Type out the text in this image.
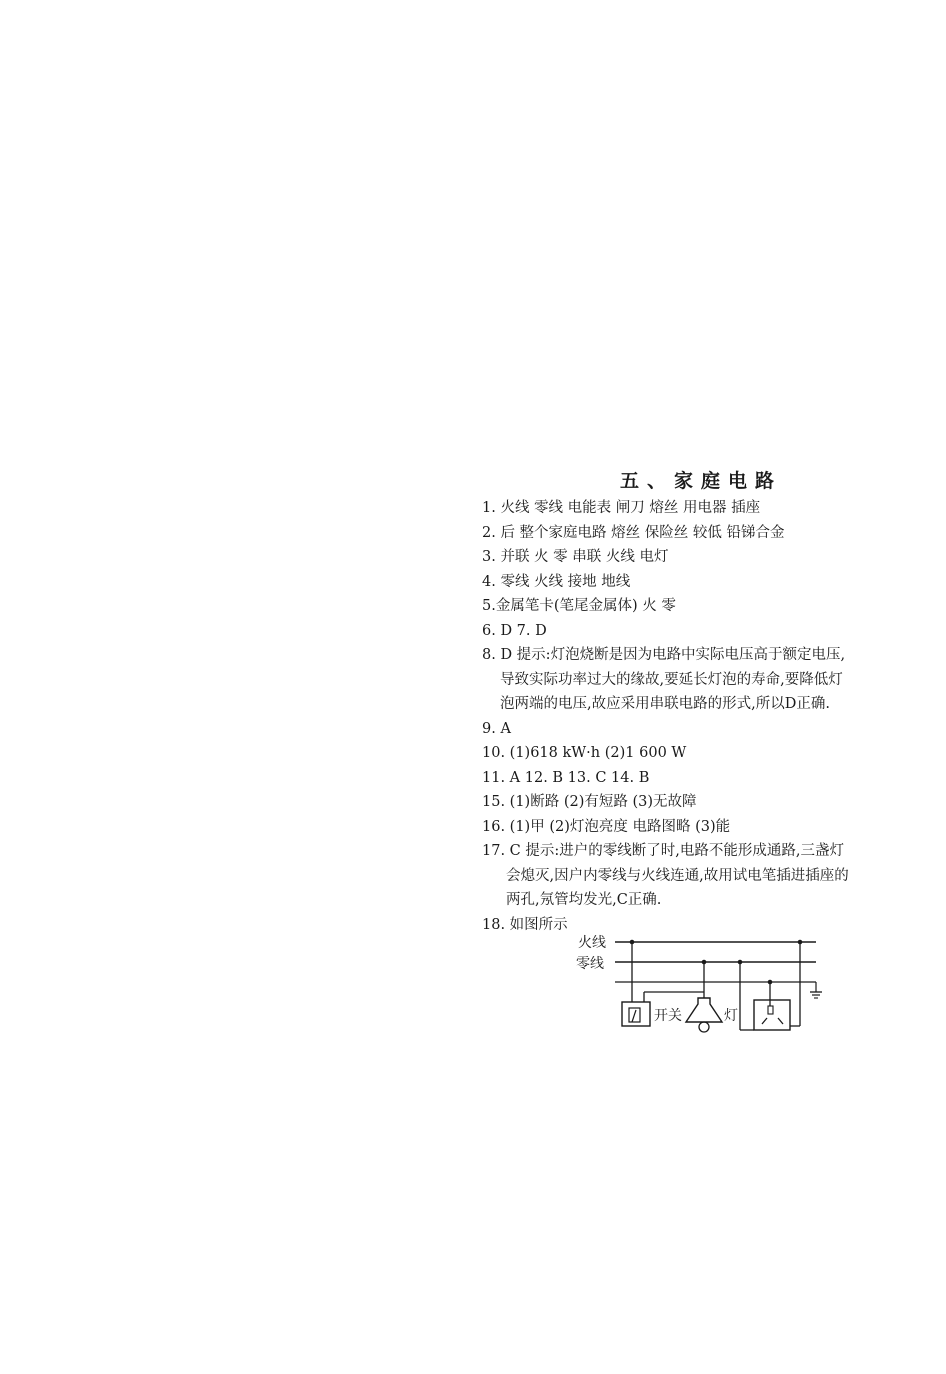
五、家庭电路
1. 火线 零线 电能表 闸刀 熔丝 用电器 插座
2. 后 整个家庭电路 熔丝 保险丝 较低 铅锑合金
3. 并联 火 零 串联 火线 电灯
4. 零线 火线 接地 地线
5.金属笔卡(笔尾金属体) 火 零
6. D 7. D
8. D 提示:灯泡烧断是因为电路中实际电压高于额定电压,
导致实际功率过大的缘故,要延长灯泡的寿命,要降低灯
泡两端的电压,故应采用串联电路的形式,所以D正确.
9. A
10. (1)618 kW·h (2)1 600 W
11. A 12. B 13. C 14. B
15. (1)断路 (2)有短路 (3)无故障
16. (1)甲 (2)灯泡亮度 电路图略 (3)能
17. C 提示:进户的零线断了时,电路不能形成通路,三盏灯
会熄灭,因户内零线与火线连通,故用试电笔插进插座的
两孔,氖管均发光,C正确.
18. 如图所示
火线
零线
开关	灯
